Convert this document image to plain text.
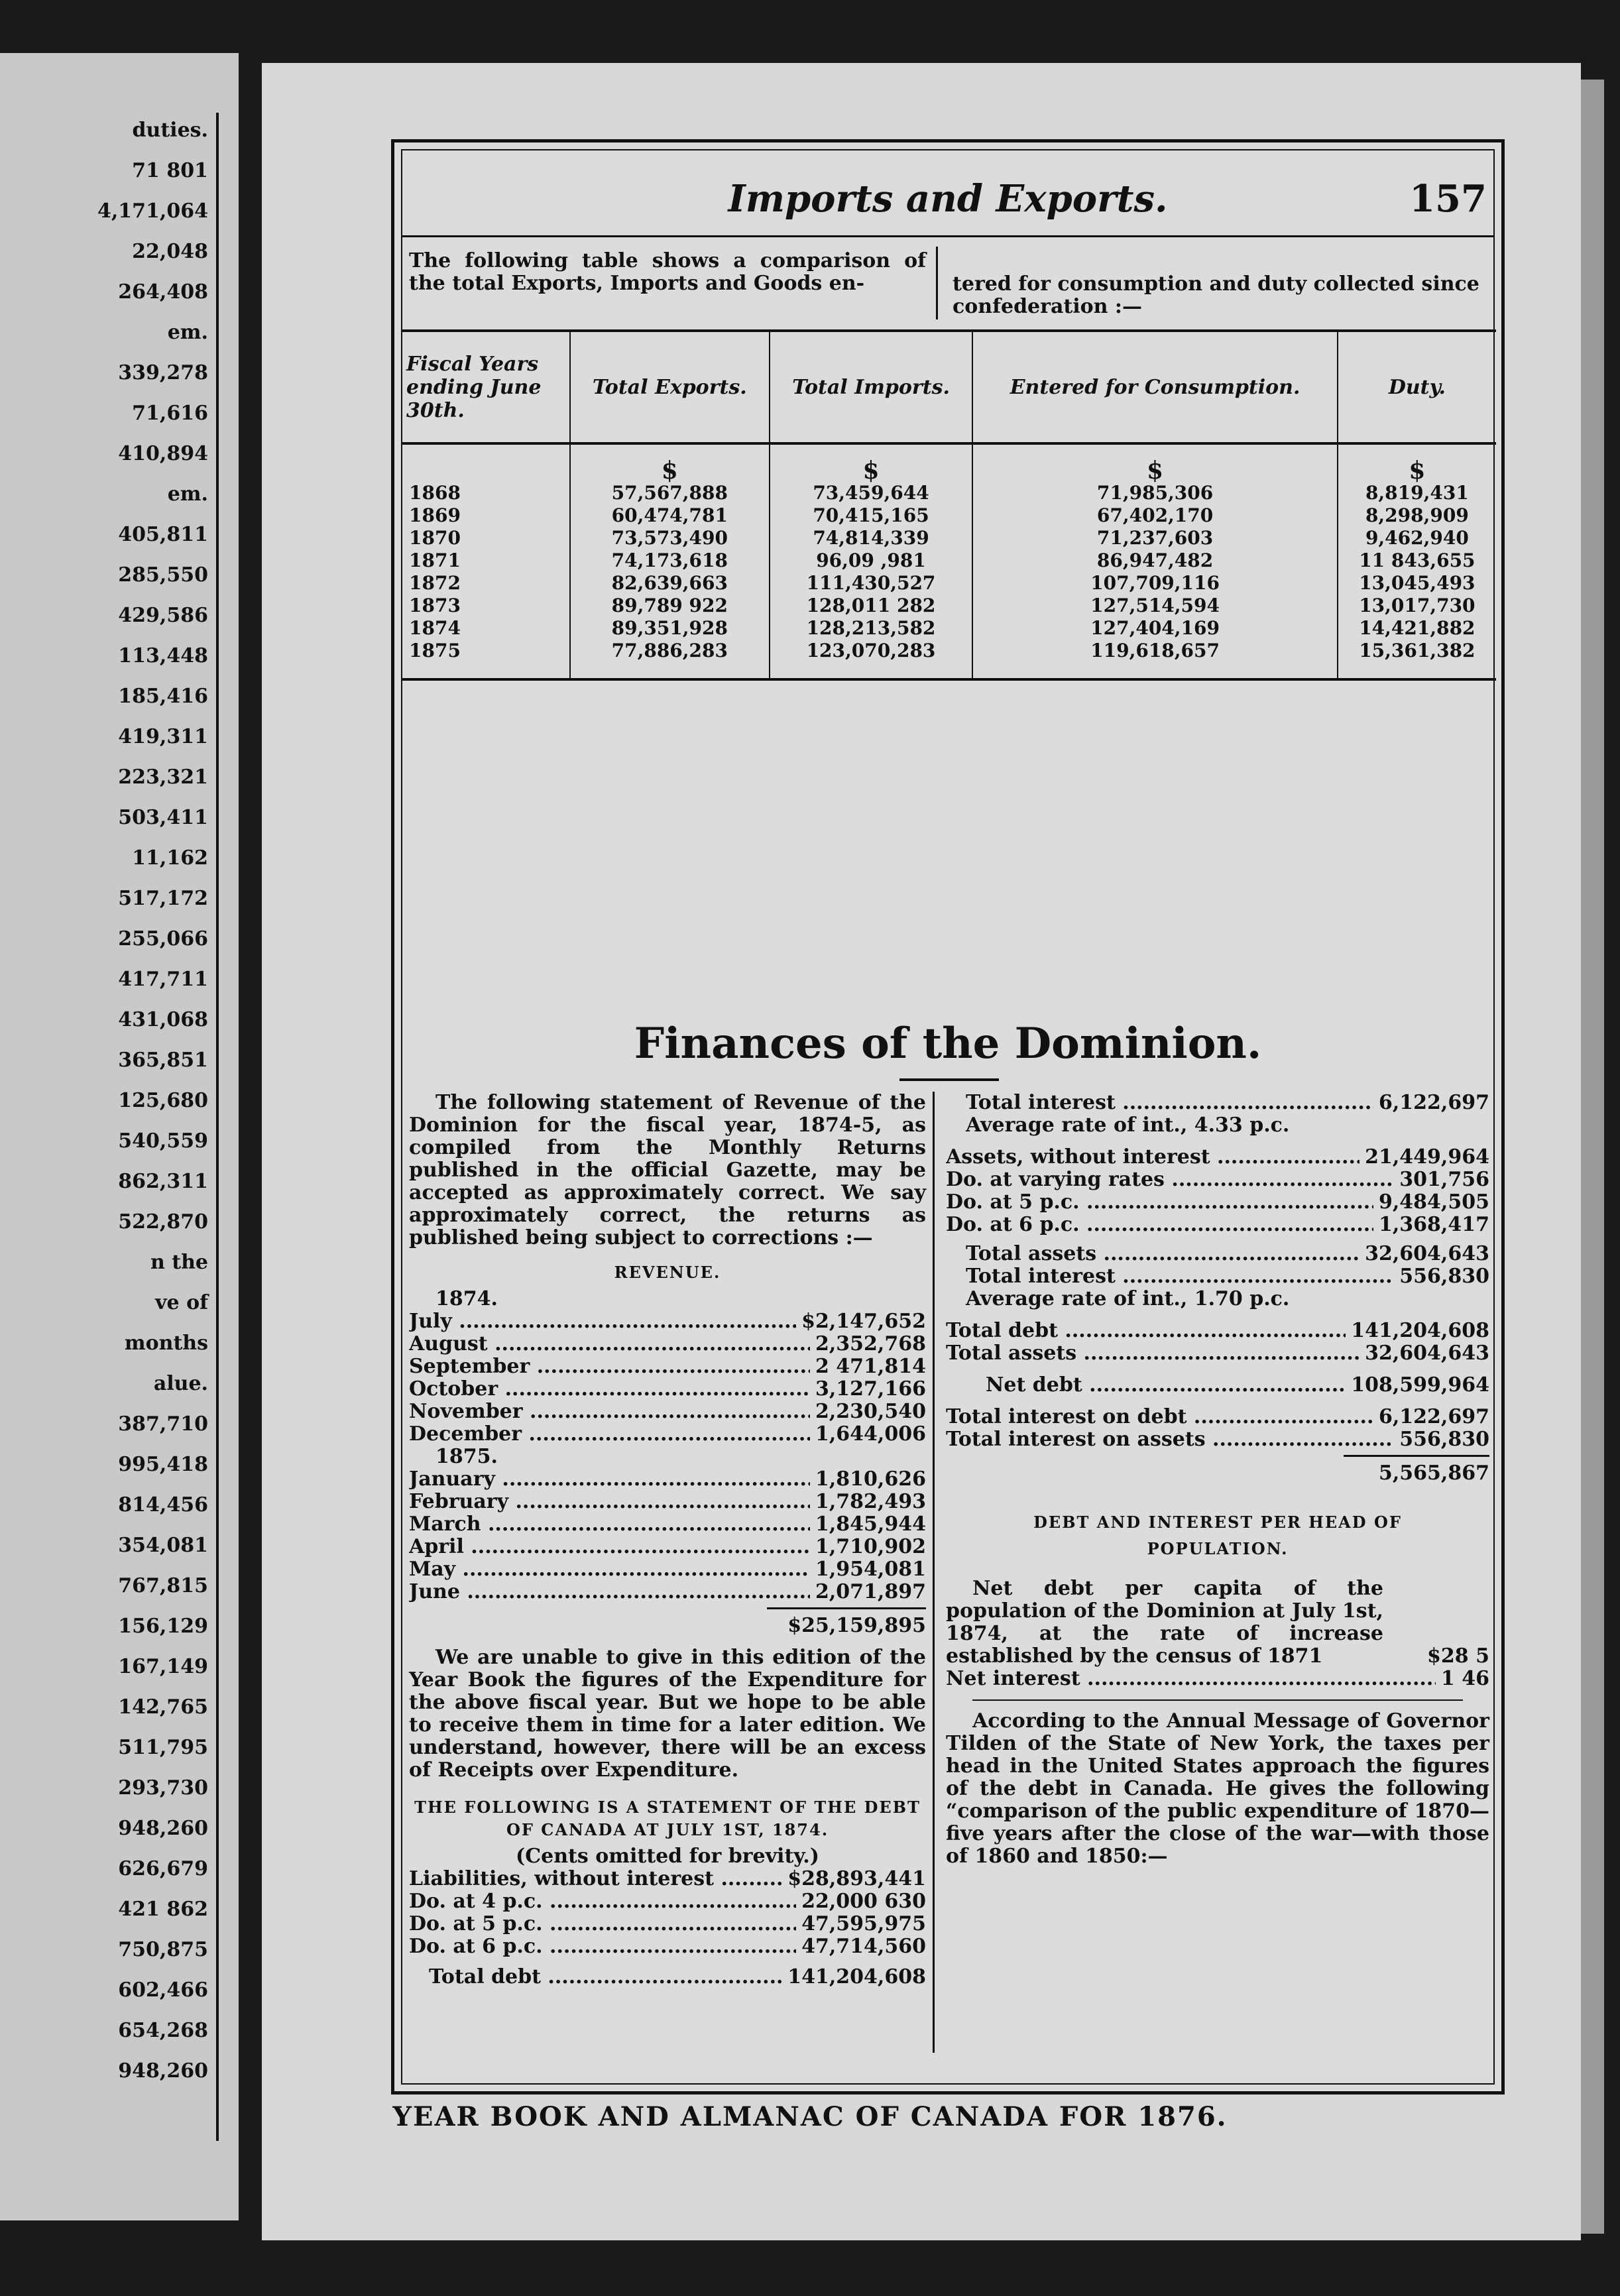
duties.
71 801
4,171,064
22,048
264,408
em.
339,278
71,616
410,894
em.
405,811
285,550
429,586
113,448
185,416
419,311
223,321
503,411
11,162
517,172
255,066
417,711
431,068
365,851
125,680
540,559
862,311
522,870
n the
ve of
months
alue.
387,710
995,418
814,456
354,081
767,815
156,129
167,149
142,765
511,795
293,730
948,260
626,679
421 862
750,875
602,466
654,268
948,260
Imports and Exports.	157
The following table shows a comparison of the total Exports, Imports and Goods en-	tered for consumption and duty collected since confederation :—
Fiscal Years ending June 30th.	Total Exports.	Total Imports.	Entered for Consumption.	Duty.
	$	$	$	$
1868	57,567,888	73,459,644	71,985,306	8,819,431
1869	60,474,781	70,415,165	67,402,170	8,298,909
1870	73,573,490	74,814,339	71,237,603	9,462,940
1871	74,173,618	96,09 ,981	86,947,482	11 843,655
1872	82,639,663	111,430,527	107,709,116	13,045,493
1873	89,789 922	128,011 282	127,514,594	13,017,730
1874	89,351,928	128,213,582	127,404,169	14,421,882
1875	77,886,283	123,070,283	119,618,657	15,361,382
Finances of the Dominion.

The following statement of Revenue of the Dominion for the fiscal year, 1874-5, as compiled from the Monthly Returns published in the official Gazette, may be accepted as approximately correct. We say approximately correct, the returns as published being subject to corrections :—

REVENUE.
1874.
July .....	$2,147,652
August .....	2,352,768
September .....	2 471,814
October .....	3,127,166
November .....	2,230,540
December .....	1,644,006
1875.
January .....	1,810,626
February .....	1,782,493
March .....	1,845,944
April .....	1,710,902
May .....	1,954,081
June .....	2,071,897
$25,159,895

We are unable to give in this edition of the Year Book the figures of the Expenditure for the above fiscal year. But we hope to be able to receive them in time for a later edition. We understand, however, there will be an excess of Receipts over Expenditure.

THE FOLLOWING IS A STATEMENT OF THE DEBT OF CANADA AT JULY 1ST, 1874.
(Cents omitted for brevity.)
Liabilities, without interest .....	$28,893,441
Do. at 4 p.c. .....	22,000 630
Do. at 5 p.c. .....	47,595,975
Do. at 6 p.c. .....	47,714,560
Total debt .....	141,204,608
Total interest .....	6,122,697
Average rate of int., 4.33 p.c.
Assets, without interest .....	21,449,964
Do. at varying rates .....	301,756
Do. at 5 p.c. .....	9,484,505
Do. at 6 p.c. .....	1,368,417
Total assets .....	32,604,643
Total interest .....	556,830
Average rate of int., 1.70 p.c.
Total debt .....	141,204,608
Total assets .....	32,604,643
Net debt .....	108,599,964
Total interest on debt .....	6,122,697
Total interest on assets .....	556,830
5,565,867
DEBT AND INTEREST PER HEAD OF
POPULATION.

Net debt per capita of the population of the Dominion at July 1st, 1874, at the rate of increase established by the census of 1871	$28 5
Net interest .....	1 46

According to the Annual Message of Governor Tilden of the State of New York, the taxes per head in the United States approach the figures of the debt in Canada. He gives the following “comparison of the public expenditure of 1870—five years after the close of the war—with those of 1860 and 1850:—

YEAR BOOK AND ALMANAC OF CANADA FOR 1876.
